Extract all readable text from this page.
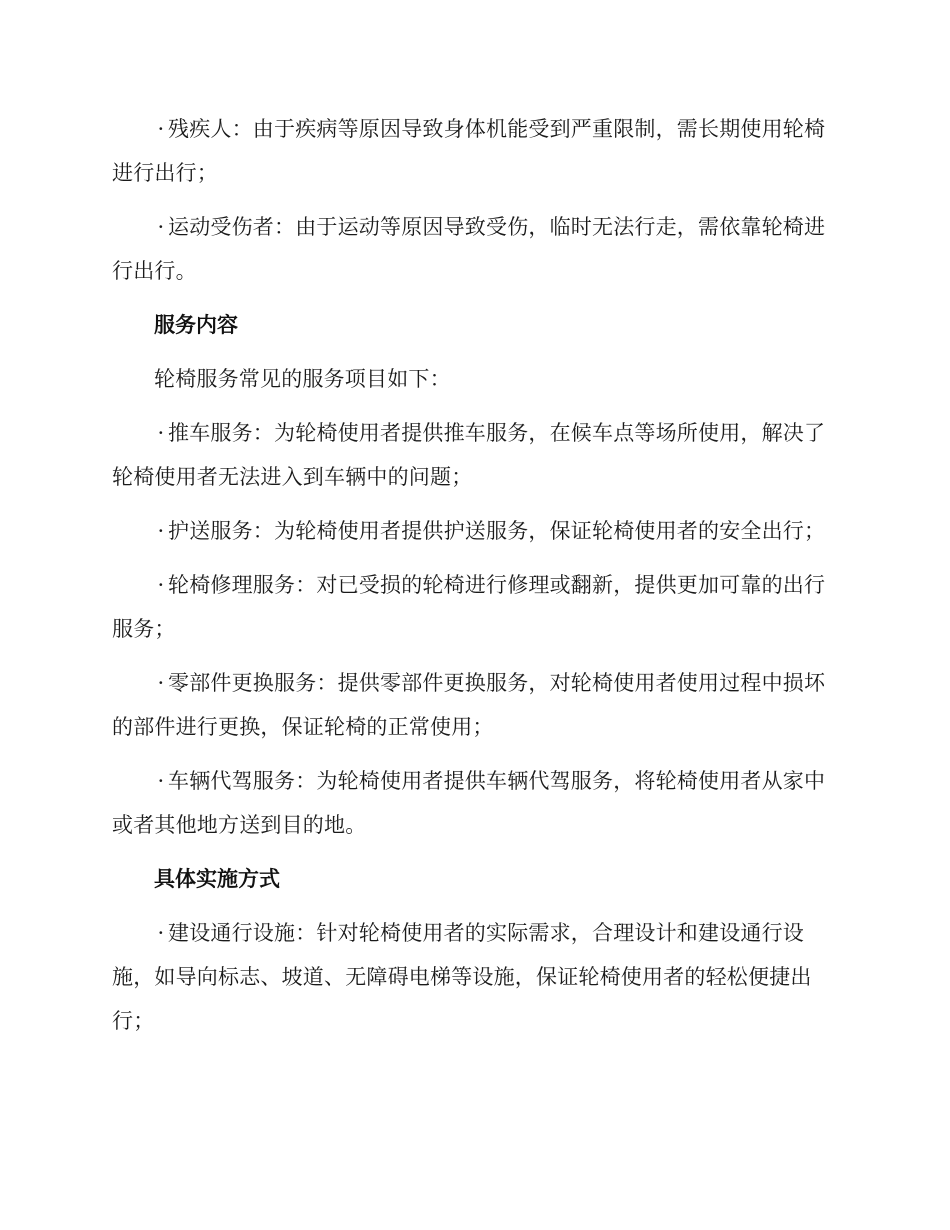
· 残疾人：由于疾病等原因导致身体机能受到严重限制，需长期使用轮椅进行出行；

· 运动受伤者：由于运动等原因导致受伤，临时无法行走，需依靠轮椅进行出行。

服务内容

轮椅服务常见的服务项目如下：

· 推车服务：为轮椅使用者提供推车服务，在候车点等场所使用，解决了轮椅使用者无法进入到车辆中的问题；

· 护送服务：为轮椅使用者提供护送服务，保证轮椅使用者的安全出行；

· 轮椅修理服务：对已受损的轮椅进行修理或翻新，提供更加可靠的出行服务；

· 零部件更换服务：提供零部件更换服务，对轮椅使用者使用过程中损坏的部件进行更换，保证轮椅的正常使用；

· 车辆代驾服务：为轮椅使用者提供车辆代驾服务，将轮椅使用者从家中或者其他地方送到目的地。

具体实施方式

· 建设通行设施：针对轮椅使用者的实际需求，合理设计和建设通行设施，如导向标志、坡道、无障碍电梯等设施，保证轮椅使用者的轻松便捷出行；
